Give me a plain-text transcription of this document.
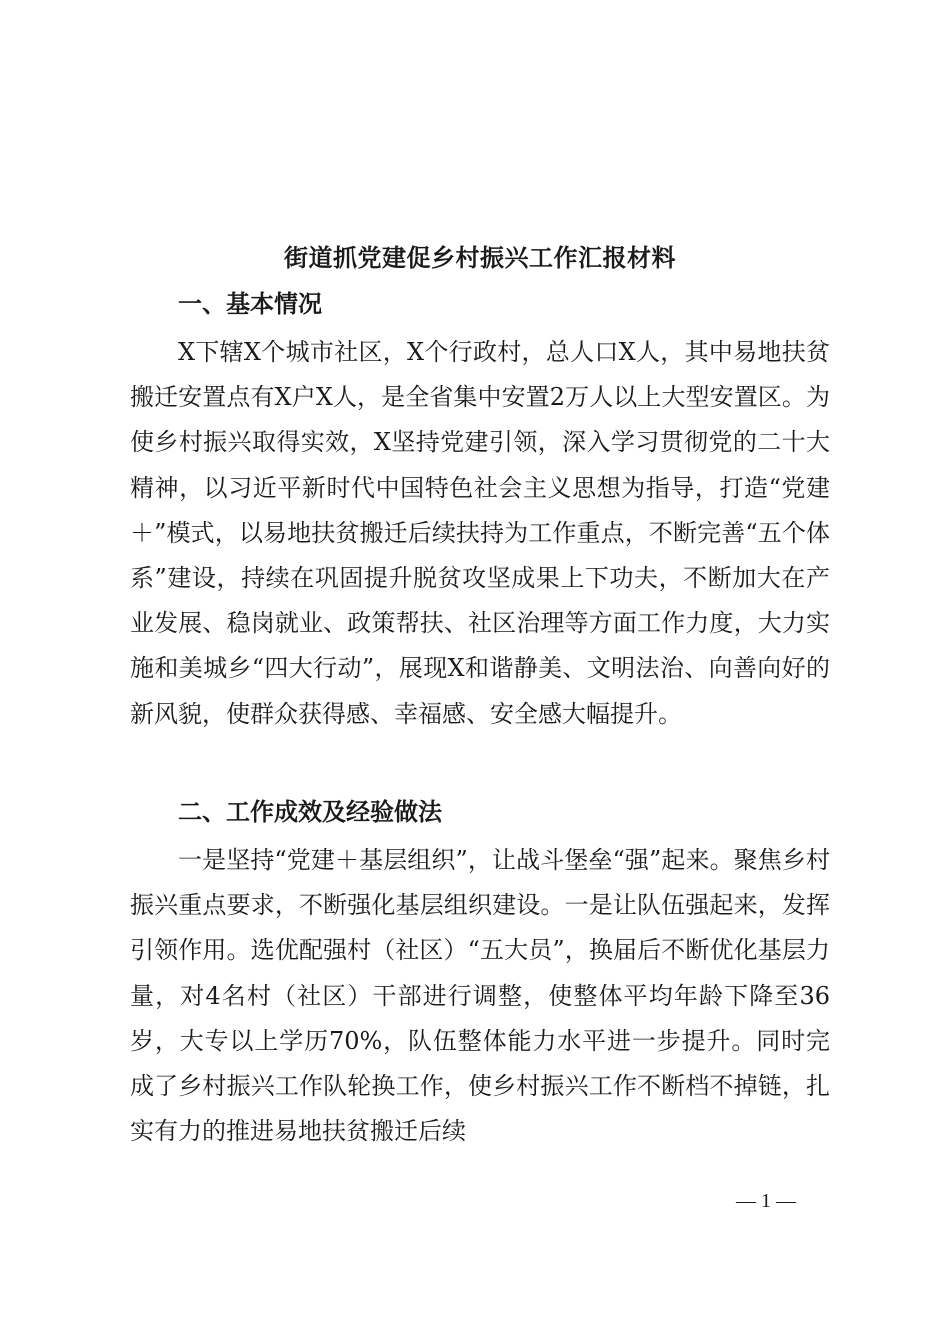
街道抓党建促乡村振兴工作汇报材料
一、基本情况

X下辖X个城市社区，X个行政村，总人口X人，其中易地扶贫搬迁安置点有X户X人，是全省集中安置2万人以上大型安置区。为使乡村振兴取得实效，X坚持党建引领，深入学习贯彻党的二十大精神，以习近平新时代中国特色社会主义思想为指导，打造“党建＋”模式，以易地扶贫搬迁后续扶持为工作重点，不断完善“五个体系”建设，持续在巩固提升脱贫攻坚成果上下功夫，不断加大在产业发展、稳岗就业、政策帮扶、社区治理等方面工作力度，大力实施和美城乡“四大行动”，展现X和谐静美、文明法治、向善向好的新风貌，使群众获得感、幸福感、安全感大幅提升。

二、工作成效及经验做法

一是坚持“党建＋基层组织”，让战斗堡垒“强”起来。聚焦乡村振兴重点要求，不断强化基层组织建设。一是让队伍强起来，发挥引领作用。选优配强村（社区）“五大员”，换届后不断优化基层力量，对4名村（社区）干部进行调整，使整体平均年龄下降至36岁，大专以上学历70%，队伍整体能力水平进一步提升。同时完成了乡村振兴工作队轮换工作，使乡村振兴工作不断档不掉链，扎实有力的推进易地扶贫搬迁后续

— 1 —
